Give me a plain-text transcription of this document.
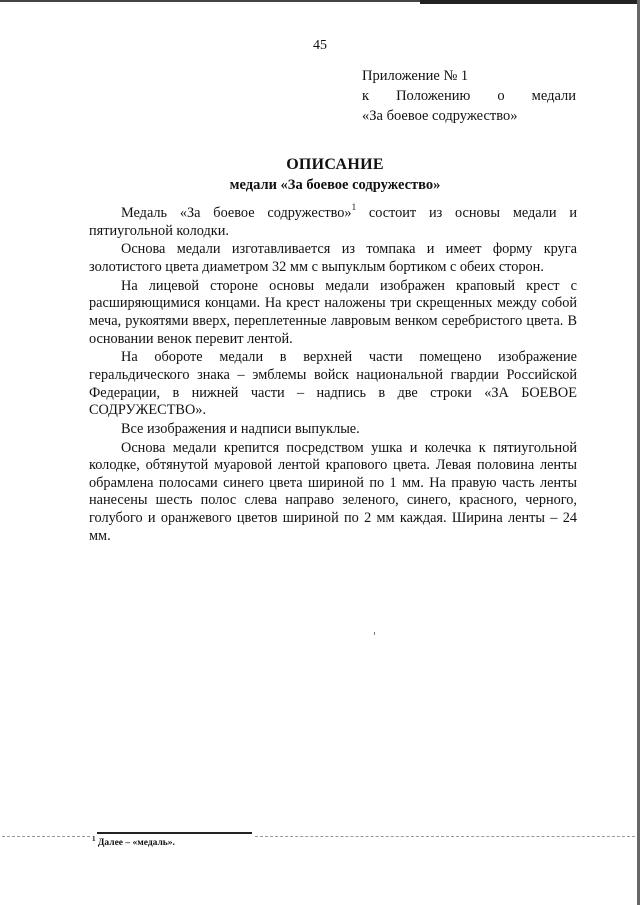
45
Приложение № 1
к Положению о медали
«За боевое содружество»
ОПИСАНИЕ
медали «За боевое содружество»

Медаль «За боевое содружество»$^1$ состоит из основы медали и пятиугольной колодки.

Основа медали изготавливается из томпака и имеет форму круга золотистого цвета диаметром 32 мм с выпуклым бортиком с обеих сторон.

На лицевой стороне основы медали изображен краповый крест с расширяющимися концами. На крест наложены три скрещенных между собой меча, рукоятями вверх, переплетенные лавровым венком серебристого цвета. В основании венок перевит лентой.

На обороте медали в верхней части помещено изображение геральдического знака – эмблемы войск национальной гвардии Российской Федерации, в нижней части – надпись в две строки «ЗА БОЕВОЕ СОДРУЖЕСТВО».

Все изображения и надписи выпуклые.

Основа медали крепится посредством ушка и колечка к пятиугольной колодке, обтянутой муаровой лентой крапового цвета. Левая половина ленты обрамлена полосами синего цвета шириной по 1 мм. На правую часть ленты нанесены шесть полос слева направо зеленого, синего, красного, черного, голубого и оранжевого цветов шириной по 2 мм каждая. Ширина ленты – 24 мм.

$^1$ Далее – «медаль».
